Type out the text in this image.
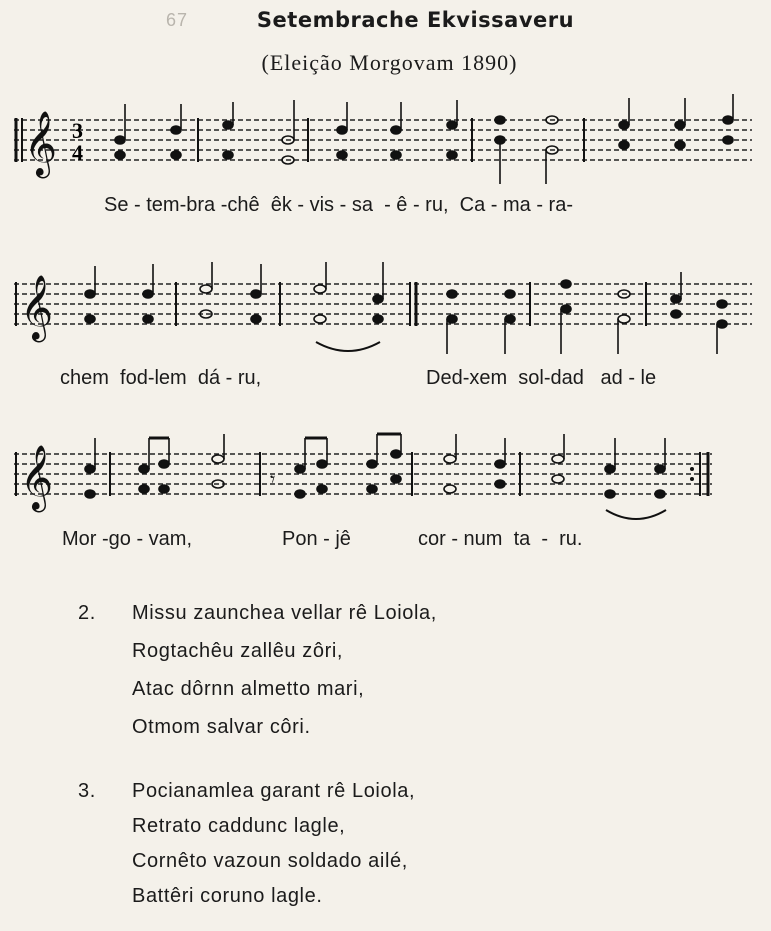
67	Setembrache Ekvissaveru
(Eleição Morgovam 1890)
𝄞 3
4
Se - tem-bra -chê  êk - vis - sa  - ê - ru,  Ca - ma - ra-
𝄞
chem  fod-lem  dá - ru,	Ded-xem  sol-dad   ad - le
𝄞	𝄾
Mor -go - vam,	Pon - jê	cor - num  ta  -  ru.
2. Missu zaunchea vellar rê Loiola,
Rogtachêu zallêu zôri,
Atac dôrnn almetto mari,
Otmom salvar côri.
3. Pocianamlea garant rê Loiola,
Retrato caddunc lagle,
Cornêto vazoun soldado ailé,
Battêri coruno lagle.
